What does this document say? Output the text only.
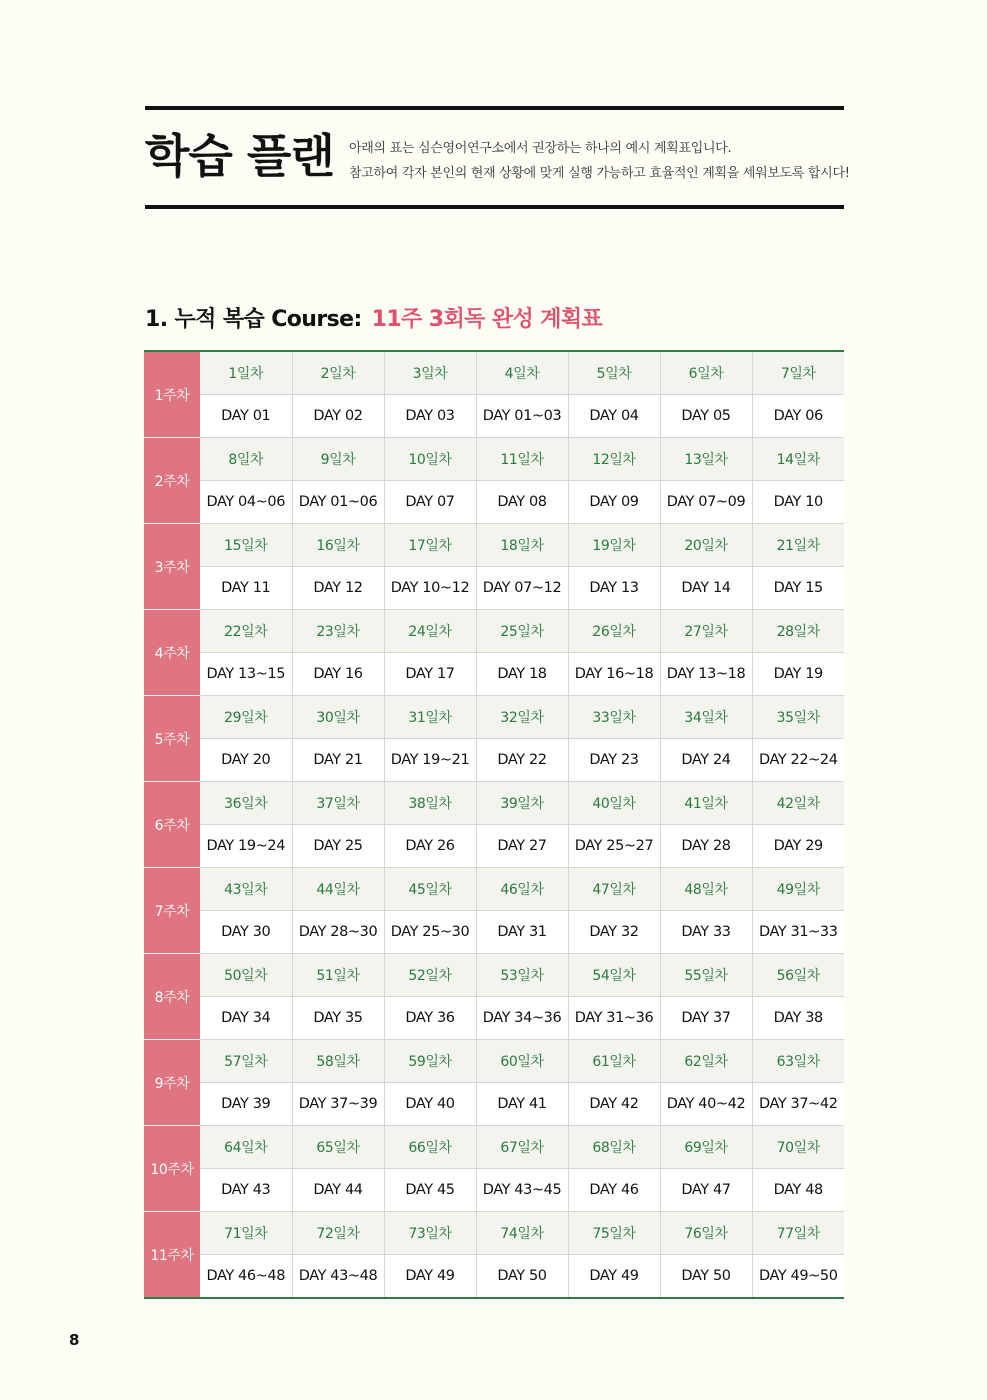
학습 플랜 아래의 표는 심슨영어연구소에서 권장하는 하나의 예시 계획표입니다.
참고하여 각자 본인의 현재 상황에 맞게 실행 가능하고 효율적인 계획을 세워보도록 합시다!
1. 누적 복습 Course: 11주 3회독 완성 계획표
1주차	1일차	2일차	3일차	4일차	5일차	6일차	7일차
	DAY 01	DAY 02	DAY 03	DAY 01~03	DAY 04	DAY 05	DAY 06
2주차	8일차	9일차	10일차	11일차	12일차	13일차	14일차
	DAY 04~06	DAY 01~06	DAY 07	DAY 08	DAY 09	DAY 07~09	DAY 10
3주차	15일차	16일차	17일차	18일차	19일차	20일차	21일차
	DAY 11	DAY 12	DAY 10~12	DAY 07~12	DAY 13	DAY 14	DAY 15
4주차	22일차	23일차	24일차	25일차	26일차	27일차	28일차
	DAY 13~15	DAY 16	DAY 17	DAY 18	DAY 16~18	DAY 13~18	DAY 19
5주차	29일차	30일차	31일차	32일차	33일차	34일차	35일차
	DAY 20	DAY 21	DAY 19~21	DAY 22	DAY 23	DAY 24	DAY 22~24
6주차	36일차	37일차	38일차	39일차	40일차	41일차	42일차
	DAY 19~24	DAY 25	DAY 26	DAY 27	DAY 25~27	DAY 28	DAY 29
7주차	43일차	44일차	45일차	46일차	47일차	48일차	49일차
	DAY 30	DAY 28~30	DAY 25~30	DAY 31	DAY 32	DAY 33	DAY 31~33
8주차	50일차	51일차	52일차	53일차	54일차	55일차	56일차
	DAY 34	DAY 35	DAY 36	DAY 34~36	DAY 31~36	DAY 37	DAY 38
9주차	57일차	58일차	59일차	60일차	61일차	62일차	63일차
	DAY 39	DAY 37~39	DAY 40	DAY 41	DAY 42	DAY 40~42	DAY 37~42
10주차	64일차	65일차	66일차	67일차	68일차	69일차	70일차
	DAY 43	DAY 44	DAY 45	DAY 43~45	DAY 46	DAY 47	DAY 48
11주차	71일차	72일차	73일차	74일차	75일차	76일차	77일차
	DAY 46~48	DAY 43~48	DAY 49	DAY 50	DAY 49	DAY 50	DAY 49~50
8
